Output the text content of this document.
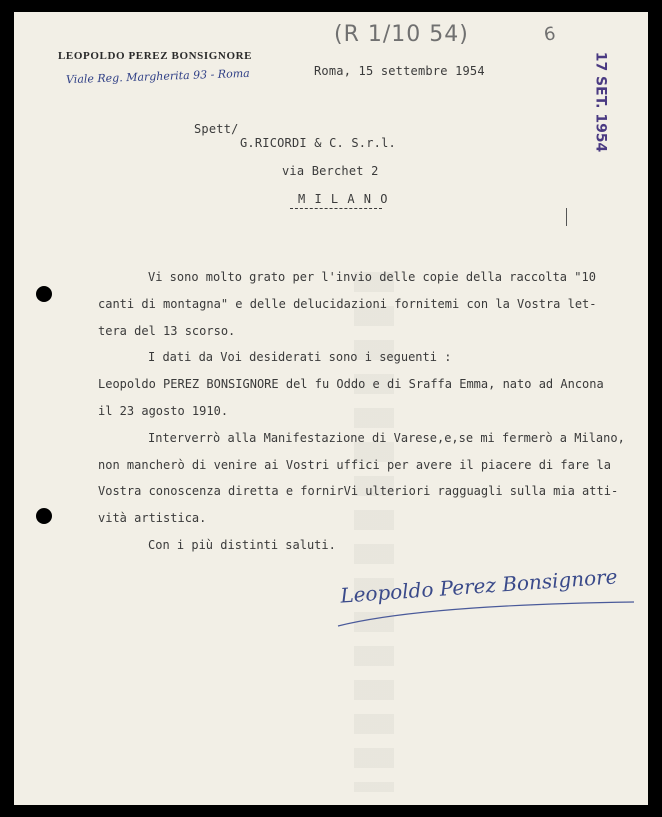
LEOPOLDO PEREZ BONSIGNORE
Viale Reg. Margherita 93 - Roma
(R 1/10 54)	6
17 SET. 1954
Roma, 15 settembre 1954
Spett/
G.RICORDI & C. S.r.l.
via Berchet 2
M I L A N O
Vi sono molto grato per l'invio delle copie della raccolta "10
canti di montagna" e delle delucidazioni fornitemi con la Vostra let-
tera del 13 scorso.
I dati da Voi desiderati sono i seguenti :
Leopoldo PEREZ BONSIGNORE del fu Oddo e di Sraffa Emma, nato ad Ancona
il 23 agosto 1910.
Interverrò alla Manifestazione di Varese,e,se mi fermerò a Milano,
non mancherò di venire ai Vostri uffici per avere il piacere di fare la
Vostra conoscenza diretta e fornirVi ulteriori ragguagli sulla mia atti-
vità artistica.
Con i più distinti saluti.
Leopoldo Perez Bonsignore
